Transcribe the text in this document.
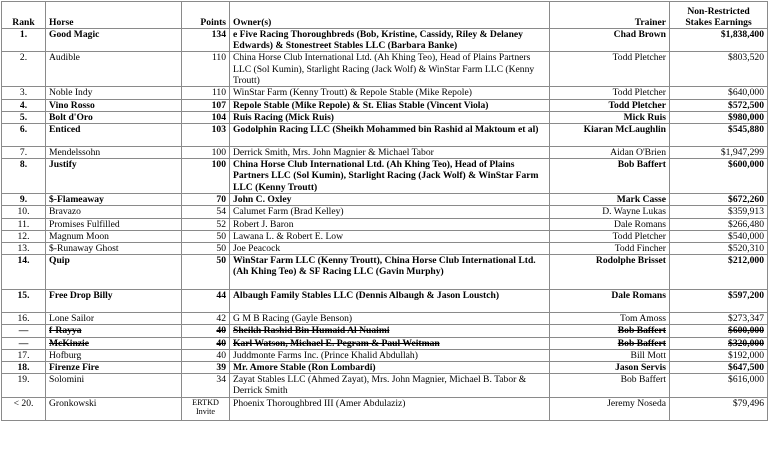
Rank	Horse	Points	Owner(s)	Trainer	Non-Restricted Stakes Earnings
1.	Good Magic	134	e Five Racing Thoroughbreds (Bob, Kristine, Cassidy, Riley & Delaney Edwards) & Stonestreet Stables LLC (Barbara Banke)	Chad Brown	$1,838,400
2.	Audible	110	China Horse Club International Ltd. (Ah Khing Teo), Head of Plains Partners LLC (Sol Kumin), Starlight Racing (Jack Wolf) & WinStar Farm LLC (Kenny Troutt)	Todd Pletcher	$803,520
3.	Noble Indy	110	WinStar Farm (Kenny Troutt) & Repole Stable (Mike Repole)	Todd Pletcher	$640,000
4.	Vino Rosso	107	Repole Stable (Mike Repole) & St. Elias Stable (Vincent Viola)	Todd Pletcher	$572,500
5.	Bolt d'Oro	104	Ruis Racing (Mick Ruis)	Mick Ruis	$980,000
6.	Enticed	103	Godolphin Racing LLC (Sheikh Mohammed bin Rashid al Maktoum et al)	Kiaran McLaughlin	$545,880
7.	Mendelssohn	100	Derrick Smith, Mrs. John Magnier & Michael Tabor	Aidan O'Brien	$1,947,299
8.	Justify	100	China Horse Club International Ltd. (Ah Khing Teo), Head of Plains Partners LLC (Sol Kumin), Starlight Racing (Jack Wolf) & WinStar Farm LLC (Kenny Troutt)	Bob Baffert	$600,000
9.	$-Flameaway	70	John C. Oxley	Mark Casse	$672,260
10.	Bravazo	54	Calumet Farm (Brad Kelley)	D. Wayne Lukas	$359,913
11.	Promises Fulfilled	52	Robert J. Baron	Dale Romans	$266,480
12.	Magnum Moon	50	Lawana L. & Robert E. Low	Todd Pletcher	$540,000
13.	$-Runaway Ghost	50	Joe Peacock	Todd Fincher	$520,310
14.	Quip	50	WinStar Farm LLC (Kenny Troutt), China Horse Club International Ltd. (Ah Khing Teo) & SF Racing LLC (Gavin Murphy)	Rodolphe Brisset	$212,000
15.	Free Drop Billy	44	Albaugh Family Stables LLC (Dennis Albaugh & Jason Loustch)	Dale Romans	$597,200
16.	Lone Sailor	42	G M B Racing (Gayle Benson)	Tom Amoss	$273,347
—	f-Rayya	40	Sheikh Rashid Bin Humaid Al Nuaimi	Bob Baffert	$600,000
—	McKinzie	40	Karl Watson, Michael E. Pegram & Paul Weitman	Bob Baffert	$320,000
17.	Hofburg	40	Juddmonte Farms Inc. (Prince Khalid Abdullah)	Bill Mott	$192,000
18.	Firenze Fire	39	Mr. Amore Stable (Ron Lombardi)	Jason Servis	$647,500
19.	Solomini	34	Zayat Stables LLC (Ahmed Zayat), Mrs. John Magnier, Michael B. Tabor & Derrick Smith	Bob Baffert	$616,000
< 20.	Gronkowski	ERTKD Invite	Phoenix Thoroughbred III (Amer Abdulaziz)	Jeremy Noseda	$79,496
